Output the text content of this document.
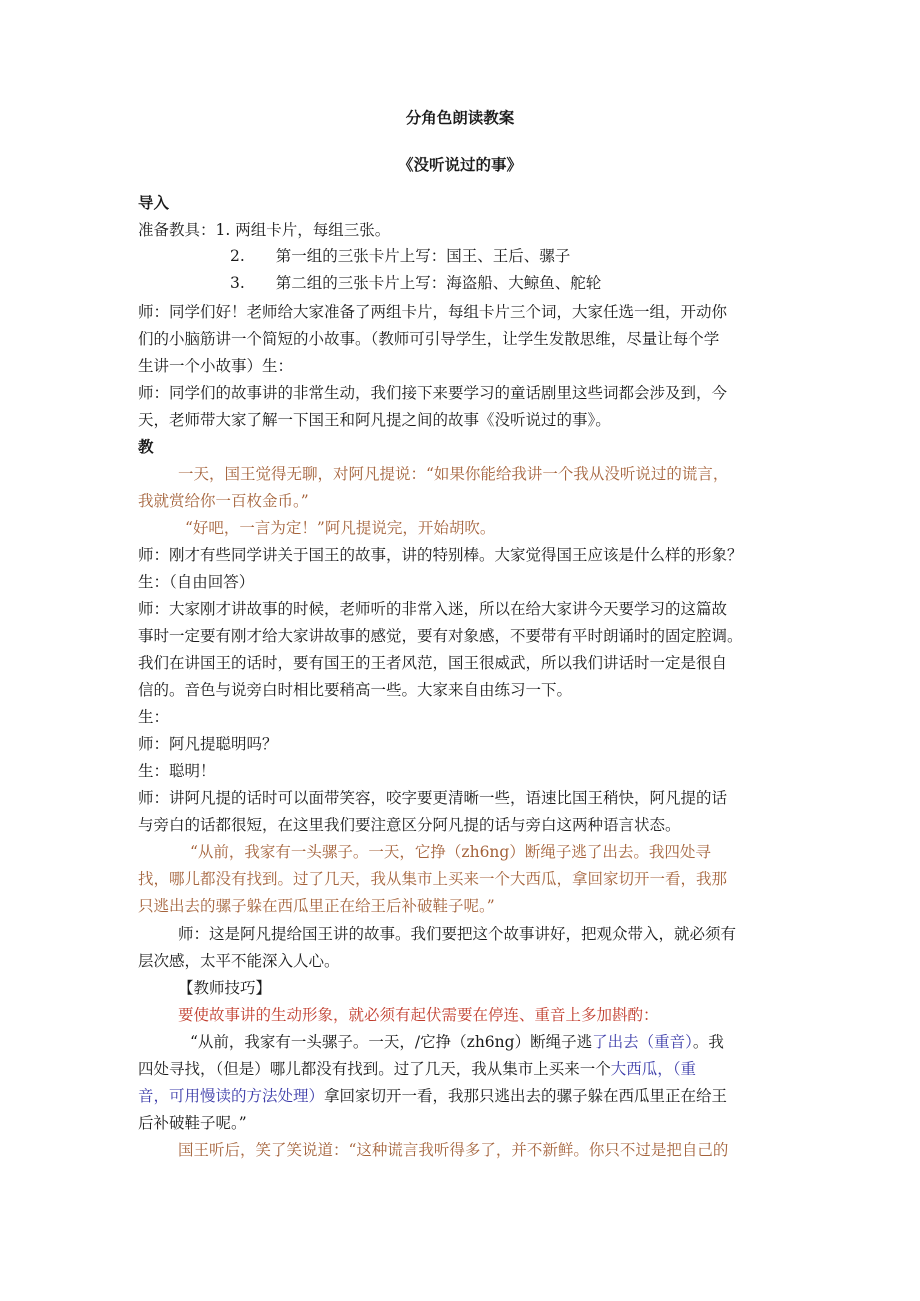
分角色朗读教案
《没听说过的事》
导入
准备教具：1. 两组卡片，每组三张。
2.　　第一组的三张卡片上写：国王、王后、骡子
3.　　第二组的三张卡片上写：海盗船、大鲸鱼、舵轮
师：同学们好！老师给大家准备了两组卡片，每组卡片三个词，大家任选一组，开动你
们的小脑筋讲一个简短的小故事。（教师可引导学生，让学生发散思维，尽量让每个学
生讲一个小故事）生：
师：同学们的故事讲的非常生动，我们接下来要学习的童话剧里这些词都会涉及到，今
天，老师带大家了解一下国王和阿凡提之间的故事《没听说过的事》。
教
一天，国王觉得无聊，对阿凡提说：“如果你能给我讲一个我从没听说过的谎言，
我就赏给你一百枚金币。”
“好吧，一言为定！”阿凡提说完，开始胡吹。
师：刚才有些同学讲关于国王的故事，讲的特别棒。大家觉得国王应该是什么样的形象？
生：（自由回答）
师：大家刚才讲故事的时候，老师听的非常入迷，所以在给大家讲今天要学习的这篇故
事时一定要有刚才给大家讲故事的感觉，要有对象感，不要带有平时朗诵时的固定腔调。
我们在讲国王的话时，要有国王的王者风范，国王很威武，所以我们讲话时一定是很自
信的。音色与说旁白时相比要稍高一些。大家来自由练习一下。
生：
师：阿凡提聪明吗？
生：聪明！
师：讲阿凡提的话时可以面带笑容，咬字要更清晰一些，语速比国王稍快，阿凡提的话
与旁白的话都很短，在这里我们要注意区分阿凡提的话与旁白这两种语言状态。
“从前，我家有一头骡子。一天，它挣（zh6ng）断绳子逃了出去。我四处寻
找，哪儿都没有找到。过了几天，我从集市上买来一个大西瓜，拿回家切开一看，我那
只逃出去的骡子躲在西瓜里正在给王后补破鞋子呢。”
师：这是阿凡提给国王讲的故事。我们要把这个故事讲好，把观众带入，就必须有
层次感，太平不能深入人心。
【教师技巧】
要使故事讲的生动形象，就必须有起伏需要在停连、重音上多加斟酌：
“从前，我家有一头骡子。一天，/它挣（zh6ng）断绳子逃了出去（重音）。我
四处寻找，（但是）哪儿都没有找到。过了几天，我从集市上买来一个大西瓜，（重
音，可用慢读的方法处理）拿回家切开一看，我那只逃出去的骡子躲在西瓜里正在给王
后补破鞋子呢。”
国王听后，笑了笑说道：“这种谎言我听得多了，并不新鲜。你只不过是把自己的
